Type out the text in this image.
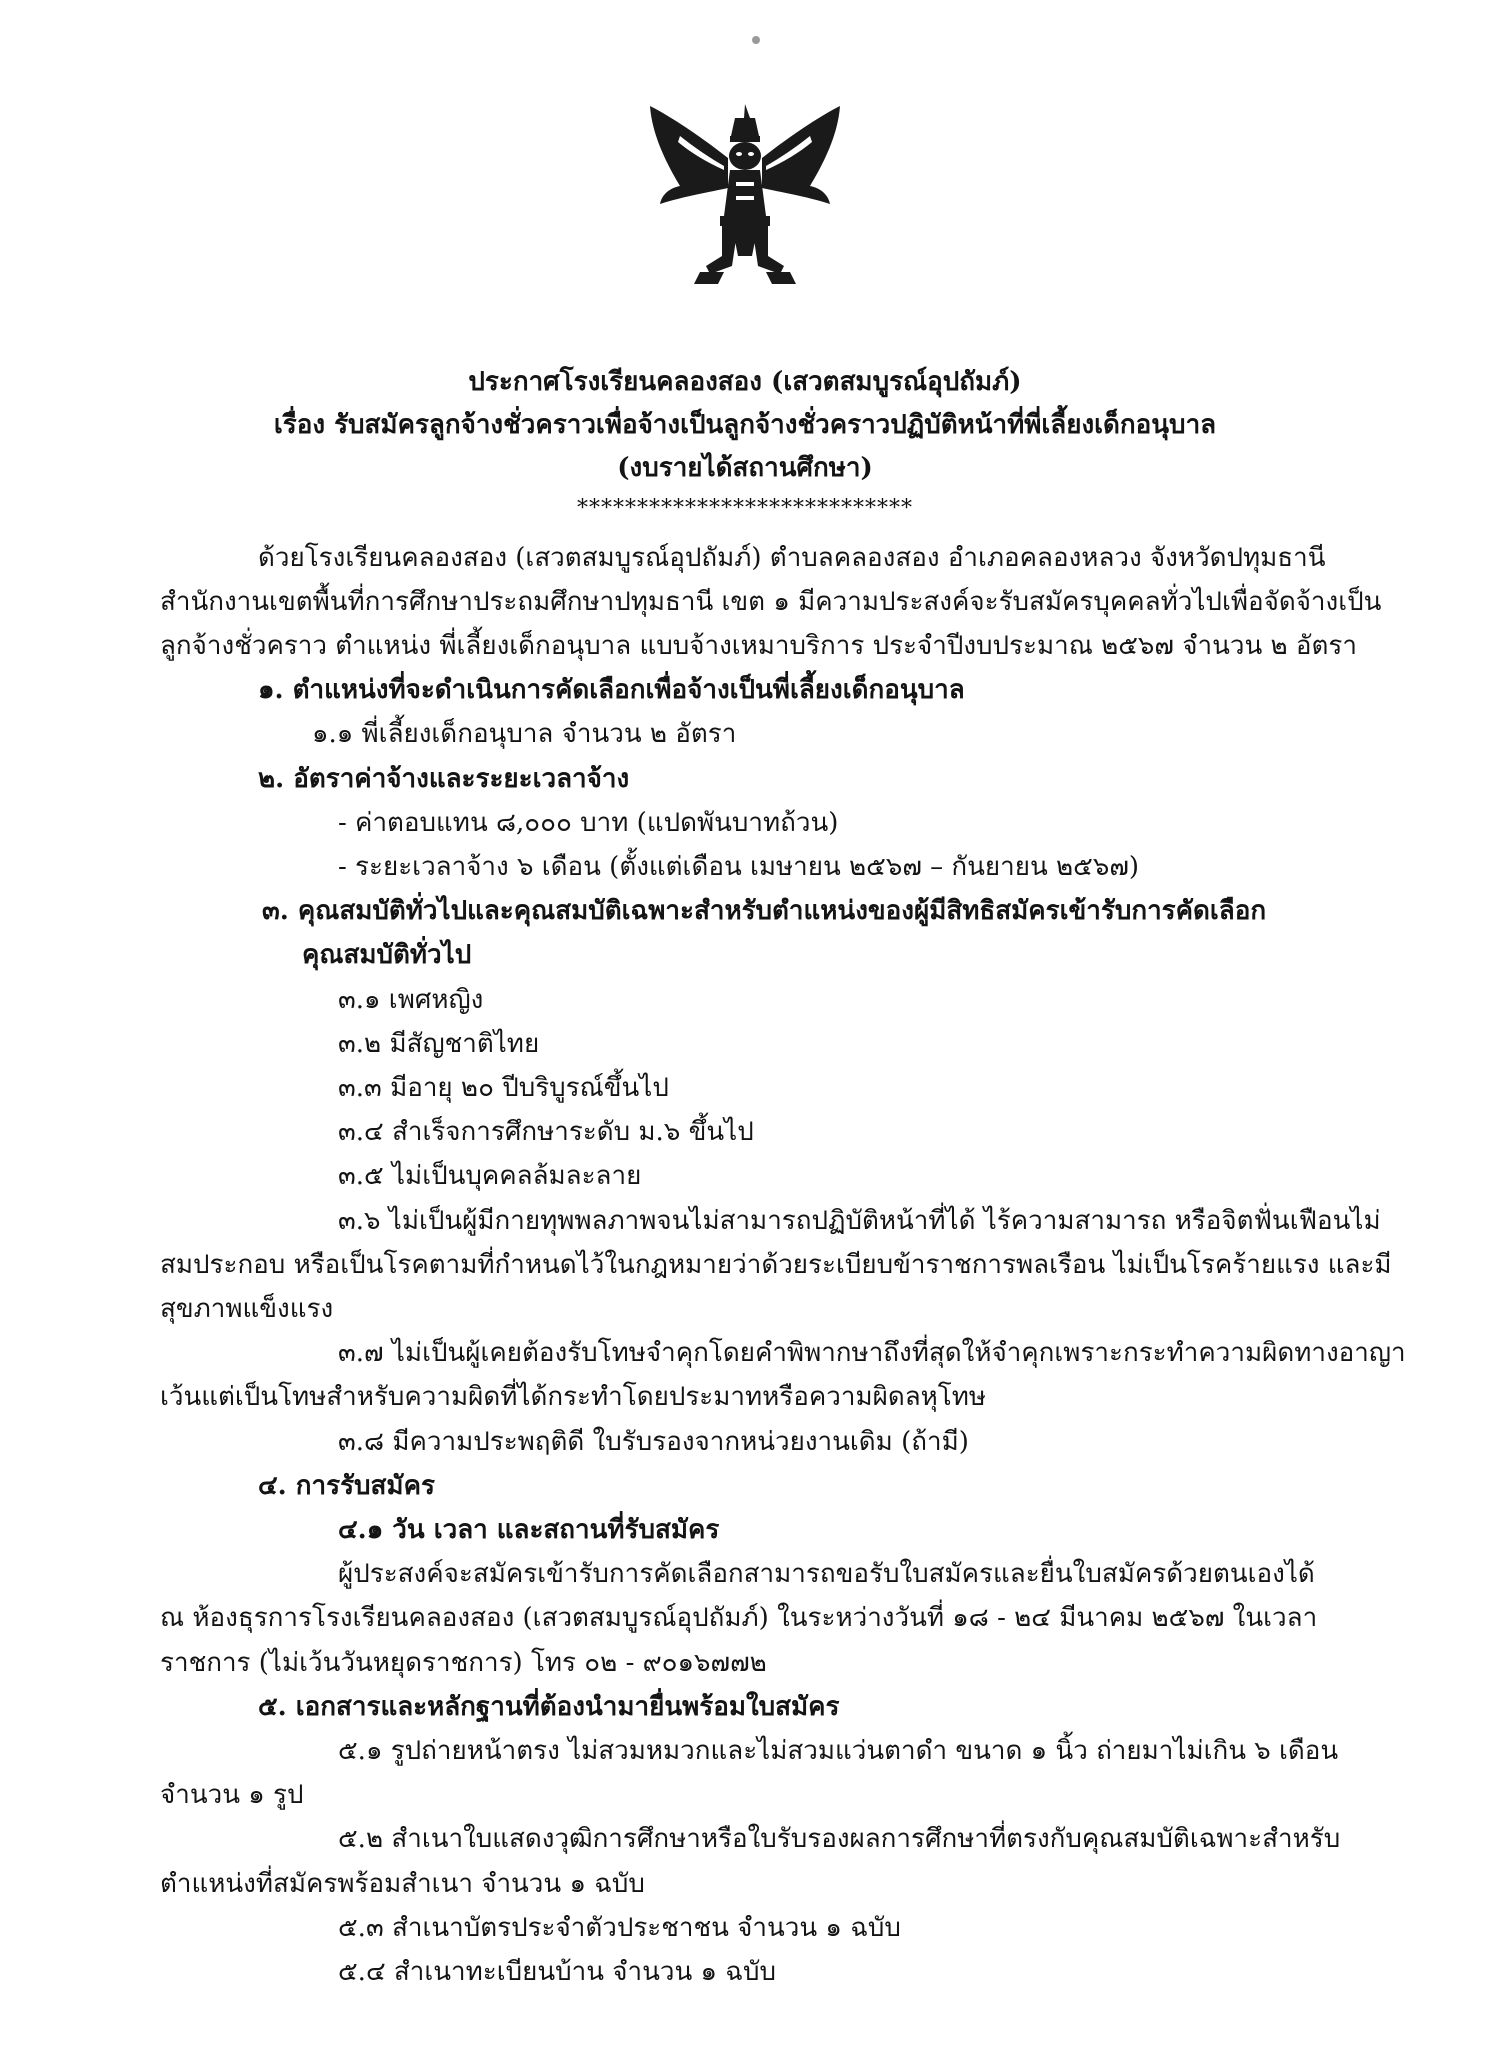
ประกาศโรงเรียนคลองสอง (เสวตสมบูรณ์อุปถัมภ์)
เรื่อง รับสมัครลูกจ้างชั่วคราวเพื่อจ้างเป็นลูกจ้างชั่วคราวปฏิบัติหน้าที่พี่เลี้ยงเด็กอนุบาล
(งบรายได้สถานศึกษา)
****************************
ด้วยโรงเรียนคลองสอง (เสวตสมบูรณ์อุปถัมภ์) ตำบลคลองสอง อำเภอคลองหลวง จังหวัดปทุมธานี
สำนักงานเขตพื้นที่การศึกษาประถมศึกษาปทุมธานี เขต ๑ มีความประสงค์จะรับสมัครบุคคลทั่วไปเพื่อจัดจ้างเป็น
ลูกจ้างชั่วคราว ตำแหน่ง พี่เลี้ยงเด็กอนุบาล แบบจ้างเหมาบริการ ประจำปีงบประมาณ ๒๕๖๗ จำนวน ๒ อัตรา
๑. ตำแหน่งที่จะดำเนินการคัดเลือกเพื่อจ้างเป็นพี่เลี้ยงเด็กอนุบาล
๑.๑ พี่เลี้ยงเด็กอนุบาล จำนวน ๒ อัตรา
๒. อัตราค่าจ้างและระยะเวลาจ้าง
- ค่าตอบแทน ๘,๐๐๐ บาท (แปดพันบาทถ้วน)
- ระยะเวลาจ้าง ๖ เดือน (ตั้งแต่เดือน เมษายน ๒๕๖๗ – กันยายน ๒๕๖๗)
๓. คุณสมบัติทั่วไปและคุณสมบัติเฉพาะสำหรับตำแหน่งของผู้มีสิทธิสมัครเข้ารับการคัดเลือก
คุณสมบัติทั่วไป
๓.๑ เพศหญิง
๓.๒ มีสัญชาติไทย
๓.๓ มีอายุ ๒๐ ปีบริบูรณ์ขึ้นไป
๓.๔ สำเร็จการศึกษาระดับ ม.๖ ขึ้นไป
๓.๕ ไม่เป็นบุคคลล้มละลาย
๓.๖ ไม่เป็นผู้มีกายทุพพลภาพจนไม่สามารถปฏิบัติหน้าที่ได้ ไร้ความสามารถ หรือจิตฟั่นเฟือนไม่
สมประกอบ หรือเป็นโรคตามที่กำหนดไว้ในกฎหมายว่าด้วยระเบียบข้าราชการพลเรือน ไม่เป็นโรคร้ายแรง และมี
สุขภาพแข็งแรง
๓.๗ ไม่เป็นผู้เคยต้องรับโทษจำคุกโดยคำพิพากษาถึงที่สุดให้จำคุกเพราะกระทำความผิดทางอาญา
เว้นแต่เป็นโทษสำหรับความผิดที่ได้กระทำโดยประมาทหรือความผิดลหุโทษ
๓.๘ มีความประพฤติดี ใบรับรองจากหน่วยงานเดิม (ถ้ามี)
๔. การรับสมัคร
๔.๑ วัน เวลา และสถานที่รับสมัคร
ผู้ประสงค์จะสมัครเข้ารับการคัดเลือกสามารถขอรับใบสมัครและยื่นใบสมัครด้วยตนเองได้
ณ ห้องธุรการโรงเรียนคลองสอง (เสวตสมบูรณ์อุปถัมภ์) ในระหว่างวันที่ ๑๘ - ๒๔ มีนาคม ๒๕๖๗ ในเวลา
ราชการ (ไม่เว้นวันหยุดราชการ) โทร ๐๒ - ๙๐๑๖๗๗๒
๕. เอกสารและหลักฐานที่ต้องนำมายื่นพร้อมใบสมัคร
๕.๑ รูปถ่ายหน้าตรง ไม่สวมหมวกและไม่สวมแว่นตาดำ ขนาด ๑ นิ้ว ถ่ายมาไม่เกิน ๖ เดือน
จำนวน ๑ รูป
๕.๒ สำเนาใบแสดงวุฒิการศึกษาหรือใบรับรองผลการศึกษาที่ตรงกับคุณสมบัติเฉพาะสำหรับ
ตำแหน่งที่สมัครพร้อมสำเนา จำนวน ๑ ฉบับ
๕.๓ สำเนาบัตรประจำตัวประชาชน จำนวน ๑ ฉบับ
๕.๔ สำเนาทะเบียนบ้าน จำนวน ๑ ฉบับ
